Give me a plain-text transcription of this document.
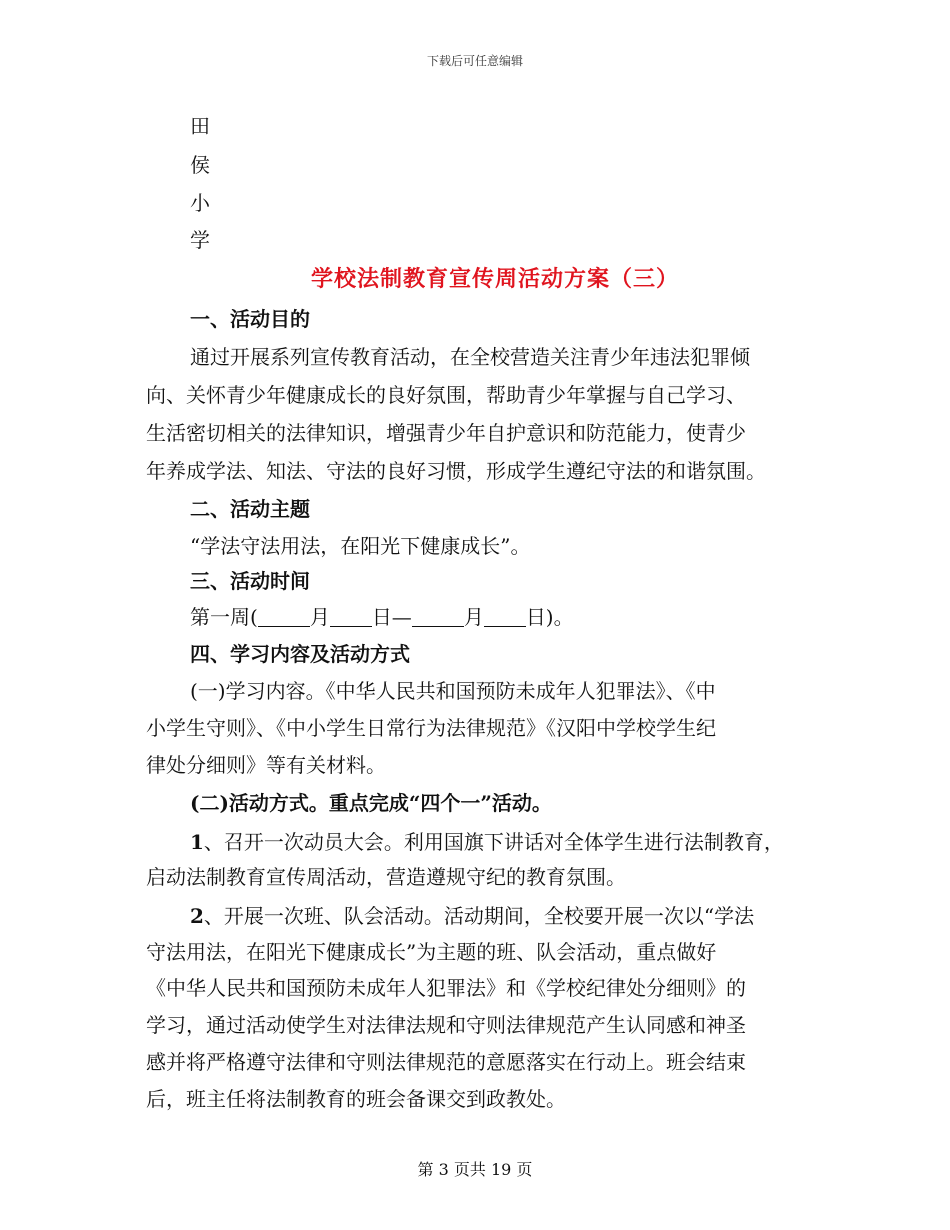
下载后可任意编辑
田
侯
小
学
学校法制教育宣传周活动方案（三）
一、活动目的
通过开展系列宣传教育活动，在全校营造关注青少年违法犯罪倾
向、关怀青少年健康成长的良好氛围，帮助青少年掌握与自己学习、
生活密切相关的法律知识，增强青少年自护意识和防范能力，使青少
年养成学法、知法、守法的良好习惯，形成学生遵纪守法的和谐氛围。
二、活动主题
“学法守法用法，在阳光下健康成长”。
三、活动时间
第一周(	月 日—	月 日)。
四、学习内容及活动方式
(一)学习内容。《中华人民共和国预防未成年人犯罪法》、《中
小学生守则》、《中小学生日常行为法律规范》《汉阳中学校学生纪
律处分细则》等有关材料。
(二)活动方式。重点完成“四个一”活动。
1、召开一次动员大会。利用国旗下讲话对全体学生进行法制教育，
启动法制教育宣传周活动，营造遵规守纪的教育氛围。
2、开展一次班、队会活动。活动期间，全校要开展一次以“学法
守法用法，在阳光下健康成长”为主题的班、队会活动，重点做好
《中华人民共和国预防未成年人犯罪法》和《学校纪律处分细则》的
学习，通过活动使学生对法律法规和守则法律规范产生认同感和神圣
感并将严格遵守法律和守则法律规范的意愿落实在行动上。班会结束
后，班主任将法制教育的班会备课交到政教处。
第 3 页共 19 页
